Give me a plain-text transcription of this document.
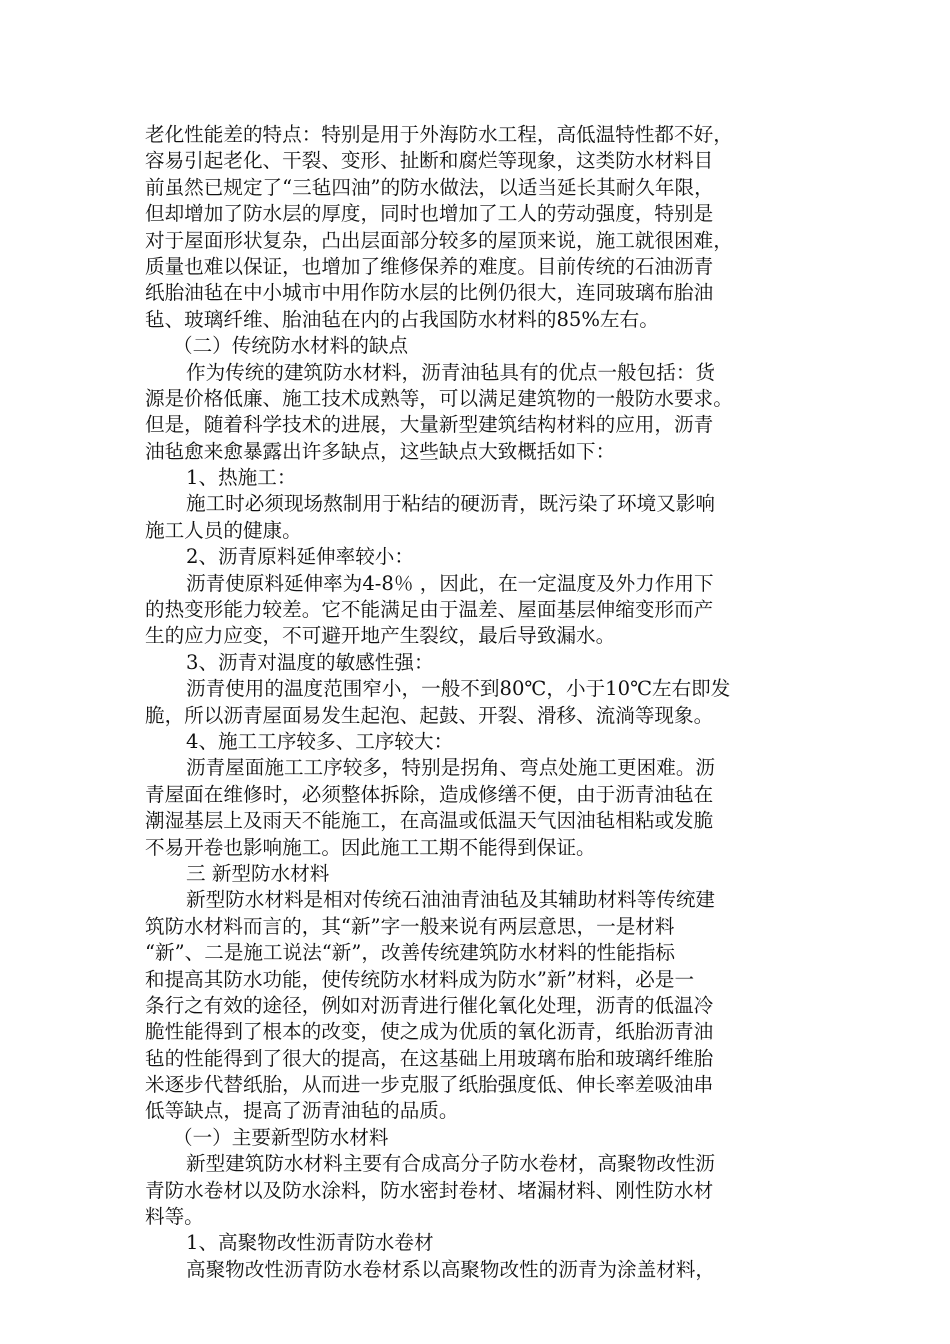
老化性能差的特点：特别是用于外海防水工程，高低温特性都不好，
容易引起老化、干裂、变形、扯断和腐烂等现象，这类防水材料目
前虽然已规定了“三毡四油”的防水做法，以适当延长其耐久年限，
但却增加了防水层的厚度，同时也增加了工人的劳动强度，特别是
对于屋面形状复杂，凸出层面部分较多的屋顶来说，施工就很困难，
质量也难以保证，也增加了维修保养的难度。目前传统的石油沥青
纸胎油毡在中小城市中用作防水层的比例仍很大，连同玻璃布胎油
毡、玻璃纤维、胎油毡在内的占我国防水材料的85%左右。
（二）传统防水材料的缺点
作为传统的建筑防水材料，沥青油毡具有的优点一般包括：货
源是价格低廉、施工技术成熟等，可以满足建筑物的一般防水要求。
但是，随着科学技术的进展，大量新型建筑结构材料的应用，沥青
油毡愈来愈暴露出许多缺点，这些缺点大致概括如下：
1、热施工：
施工时必须现场熬制用于粘结的硬沥青，既污染了环境又影响
施工人员的健康。
2、沥青原料延伸率较小：
沥青使原料延伸率为4-8％ ，因此，在一定温度及外力作用下
的热变形能力较差。它不能满足由于温差、屋面基层伸缩变形而产
生的应力应变，不可避开地产生裂纹，最后导致漏水。
3、沥青对温度的敏感性强：
沥青使用的温度范围窄小，一般不到80℃，小于10℃左右即发
脆，所以沥青屋面易发生起泡、起鼓、开裂、滑移、流淌等现象。
4、施工工序较多、工序较大：
沥青屋面施工工序较多，特别是拐角、弯点处施工更困难。沥
青屋面在维修时，必须整体拆除，造成修缮不便，由于沥青油毡在
潮湿基层上及雨天不能施工，在高温或低温天气因油毡相粘或发脆
不易开卷也影响施工。因此施工工期不能得到保证。
三 新型防水材料
新型防水材料是相对传统石油油青油毡及其辅助材料等传统建
筑防水材料而言的，其“新”字一般来说有两层意思，一是材料
“新”、二是施工说法“新”，改善传统建筑防水材料的性能指标
和提高其防水功能，使传统防水材料成为防水”新”材料，必是一
条行之有效的途径，例如对沥青进行催化氧化处理，沥青的低温冷
脆性能得到了根本的改变，使之成为优质的氧化沥青，纸胎沥青油
毡的性能得到了很大的提高，在这基础上用玻璃布胎和玻璃纤维胎
米逐步代替纸胎，从而进一步克服了纸胎强度低、伸长率差吸油串
低等缺点，提高了沥青油毡的品质。
（一）主要新型防水材料
新型建筑防水材料主要有合成高分子防水卷材，高聚物改性沥
青防水卷材以及防水涂料，防水密封卷材、堵漏材料、刚性防水材
料等。
1、高聚物改性沥青防水卷材
高聚物改性沥青防水卷材系以高聚物改性的沥青为涂盖材料，
